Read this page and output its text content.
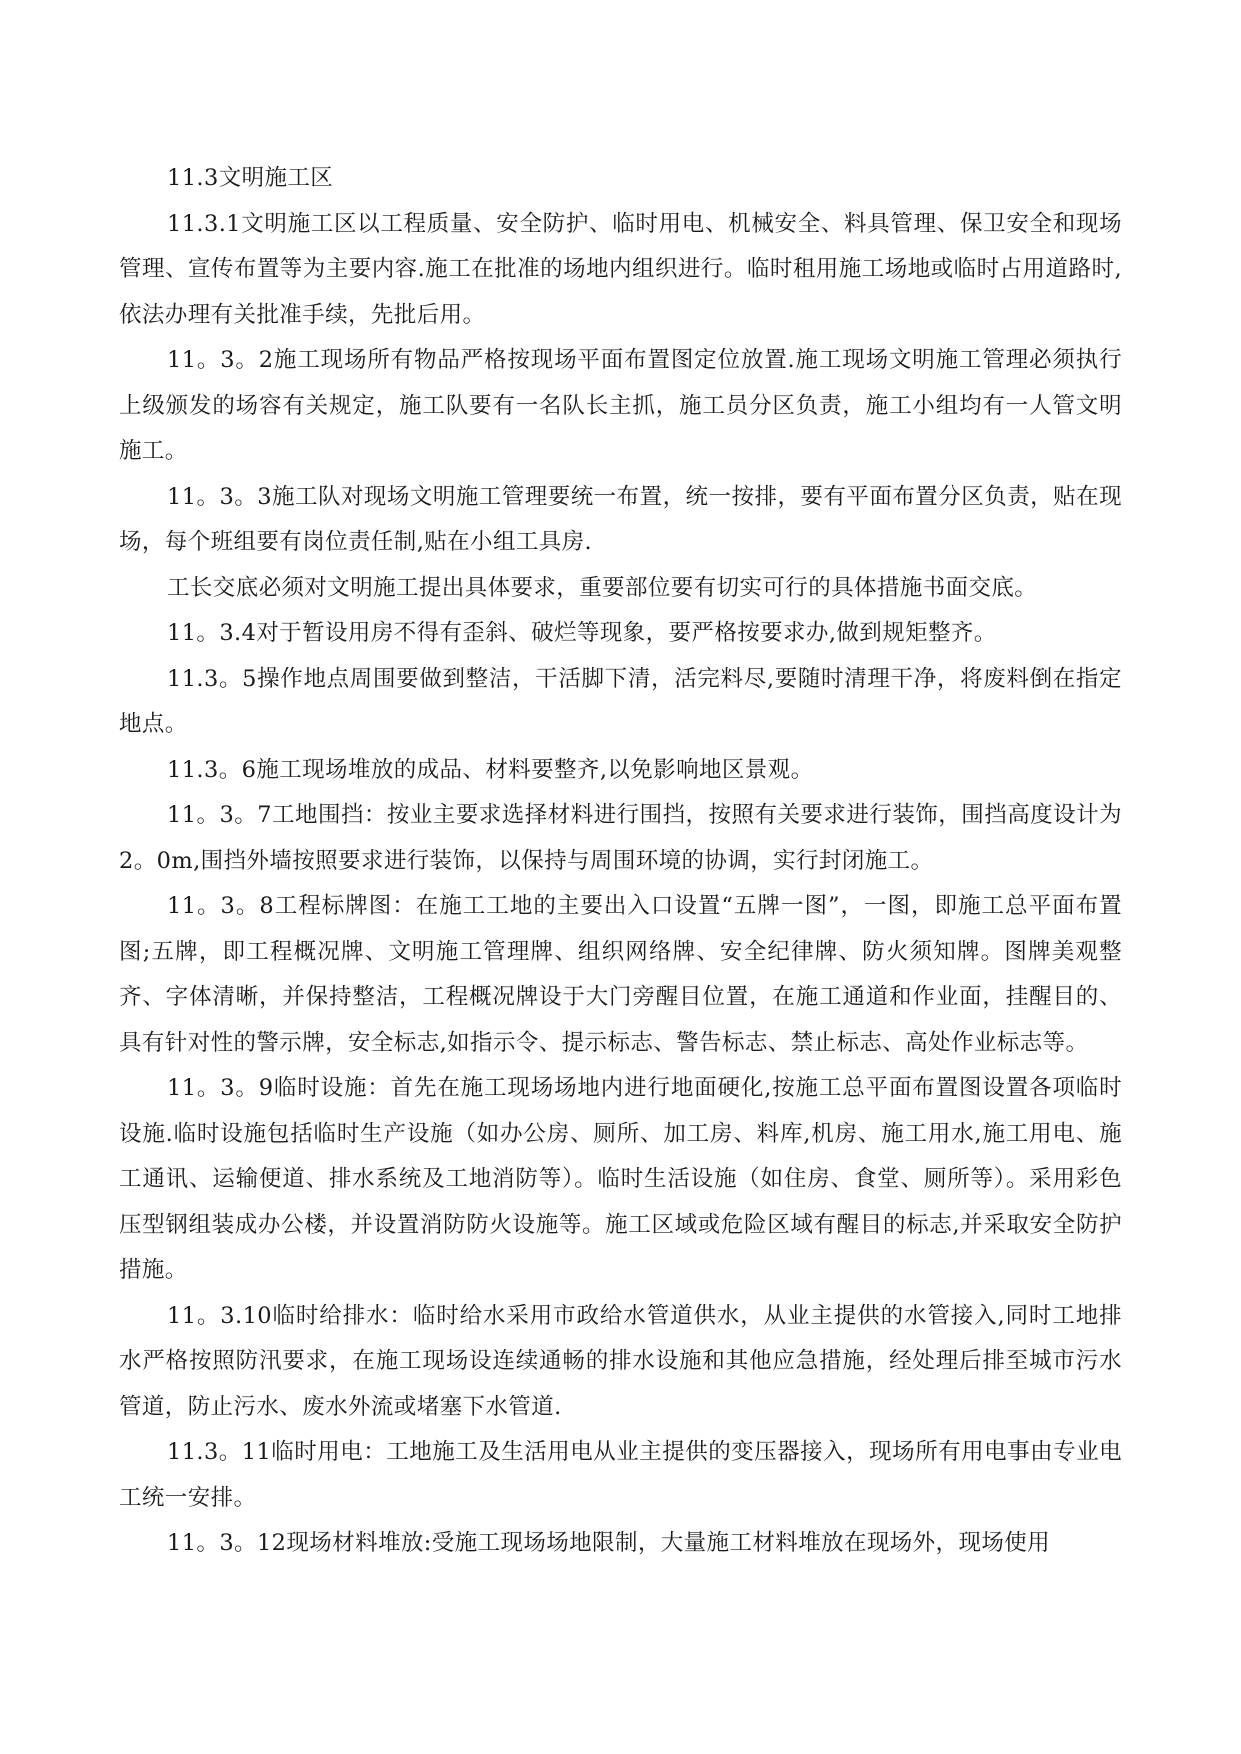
11.3文明施工区

11.3.1文明施工区以工程质量、安全防护、临时用电、机械安全、料具管理、保卫安全和现场管理、宣传布置等为主要内容.施工在批准的场地内组织进行。临时租用施工场地或临时占用道路时,依法办理有关批准手续，先批后用。

11。3。2施工现场所有物品严格按现场平面布置图定位放置.施工现场文明施工管理必须执行上级颁发的场容有关规定，施工队要有一名队长主抓，施工员分区负责，施工小组均有一人管文明施工。

11。3。3施工队对现场文明施工管理要统一布置，统一按排，要有平面布置分区负责，贴在现场，每个班组要有岗位责任制,贴在小组工具房.

工长交底必须对文明施工提出具体要求，重要部位要有切实可行的具体措施书面交底。

11。3.4对于暂设用房不得有歪斜、破烂等现象，要严格按要求办,做到规矩整齐。

11.3。5操作地点周围要做到整洁，干活脚下清，活完料尽,要随时清理干净，将废料倒在指定地点。

11.3。6施工现场堆放的成品、材料要整齐,以免影响地区景观。

11。3。7工地围挡：按业主要求选择材料进行围挡，按照有关要求进行装饰，围挡高度设计为2。0m,围挡外墙按照要求进行装饰，以保持与周围环境的协调，实行封闭施工。

11。3。8工程标牌图：在施工工地的主要出入口设置“五牌一图”，一图，即施工总平面布置图;五牌，即工程概况牌、文明施工管理牌、组织网络牌、安全纪律牌、防火须知牌。图牌美观整齐、字体清晰，并保持整洁，工程概况牌设于大门旁醒目位置，在施工通道和作业面，挂醒目的、具有针对性的警示牌，安全标志,如指示令、提示标志、警告标志、禁止标志、高处作业标志等。

11。3。9临时设施：首先在施工现场场地内进行地面硬化,按施工总平面布置图设置各项临时设施.临时设施包括临时生产设施（如办公房、厕所、加工房、料库,机房、施工用水,施工用电、施工通讯、运输便道、排水系统及工地消防等）。临时生活设施（如住房、食堂、厕所等）。采用彩色压型钢组装成办公楼，并设置消防防火设施等。施工区域或危险区域有醒目的标志,并采取安全防护措施。

11。3.10临时给排水：临时给水采用市政给水管道供水，从业主提供的水管接入,同时工地排水严格按照防汛要求，在施工现场设连续通畅的排水设施和其他应急措施，经处理后排至城市污水管道，防止污水、废水外流或堵塞下水管道.

11.3。11临时用电：工地施工及生活用电从业主提供的变压器接入，现场所有用电事由专业电工统一安排。

11。3。12现场材料堆放:受施工现场场地限制，大量施工材料堆放在现场外，现场使用
